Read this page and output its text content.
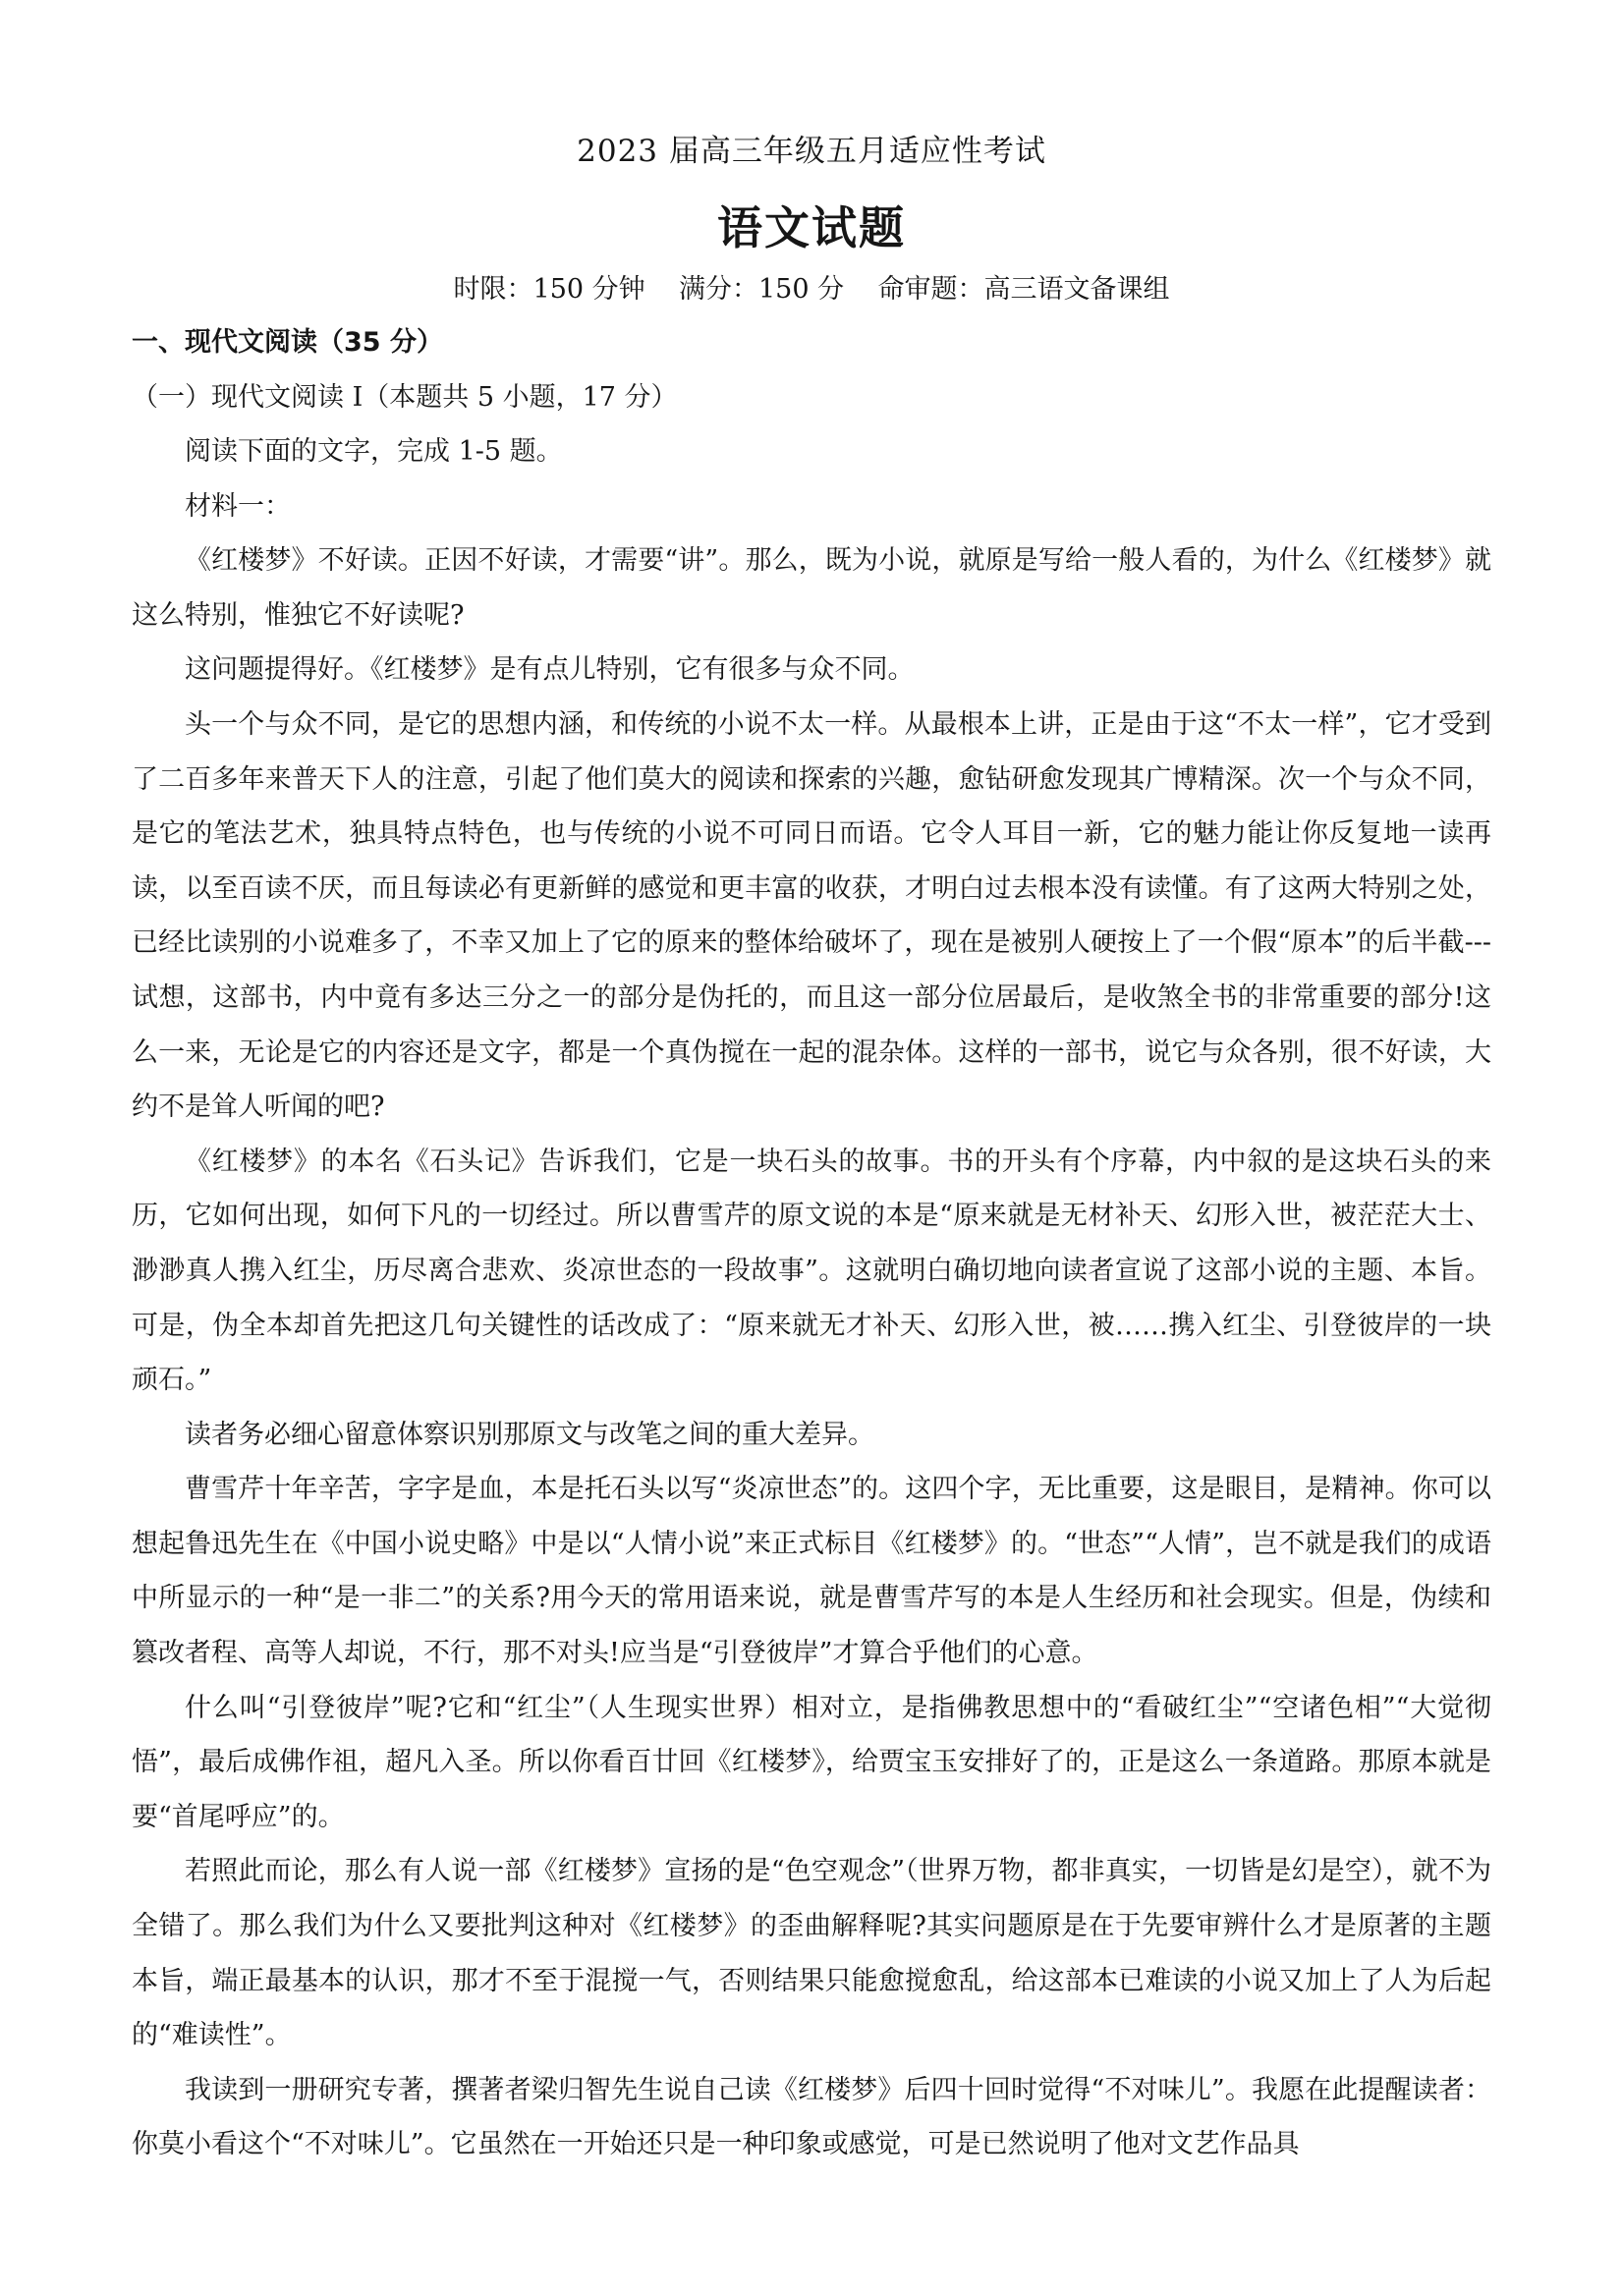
2023 届高三年级五月适应性考试
语文试题
时限：150 分钟    满分：150 分    命审题：高三语文备课组
一、现代文阅读（35 分）
（一）现代文阅读 I（本题共 5 小题，17 分）

阅读下面的文字，完成 1-5 题。

材料一：

《红楼梦》不好读。正因不好读，才需要“讲”。那么，既为小说，就原是写给一般人看的，为什么《红楼梦》就这么特别，惟独它不好读呢?

这问题提得好。《红楼梦》是有点儿特别，它有很多与众不同。

头一个与众不同，是它的思想内涵，和传统的小说不太一样。从最根本上讲，正是由于这“不太一样”，它才受到了二百多年来普天下人的注意，引起了他们莫大的阅读和探索的兴趣，愈钻研愈发现其广博精深。次一个与众不同，是它的笔法艺术，独具特点特色，也与传统的小说不可同日而语。它令人耳目一新，它的魅力能让你反复地一读再读，以至百读不厌，而且每读必有更新鲜的感觉和更丰富的收获，才明白过去根本没有读懂。有了这两大特别之处，已经比读别的小说难多了，不幸又加上了它的原来的整体给破坏了，现在是被别人硬按上了一个假“原本”的后半截---试想，这部书，内中竟有多达三分之一的部分是伪托的，而且这一部分位居最后，是收煞全书的非常重要的部分!这么一来，无论是它的内容还是文字，都是一个真伪搅在一起的混杂体。这样的一部书，说它与众各别，很不好读，大约不是耸人听闻的吧?

《红楼梦》的本名《石头记》告诉我们，它是一块石头的故事。书的开头有个序幕，内中叙的是这块石头的来历，它如何出现，如何下凡的一切经过。所以曹雪芹的原文说的本是“原来就是无材补天、幻形入世，被茫茫大士、渺渺真人携入红尘，历尽离合悲欢、炎凉世态的一段故事”。这就明白确切地向读者宣说了这部小说的主题、本旨。可是，伪全本却首先把这几句关键性的话改成了：“原来就无才补天、幻形入世，被……携入红尘、引登彼岸的一块顽石。”

读者务必细心留意体察识别那原文与改笔之间的重大差异。

曹雪芹十年辛苦，字字是血，本是托石头以写“炎凉世态”的。这四个字，无比重要，这是眼目，是精神。你可以想起鲁迅先生在《中国小说史略》中是以“人情小说”来正式标目《红楼梦》的。“世态”“人情”，岂不就是我们的成语中所显示的一种“是一非二”的关系?用今天的常用语来说，就是曹雪芹写的本是人生经历和社会现实。但是，伪续和篡改者程、高等人却说，不行，那不对头!应当是“引登彼岸”才算合乎他们的心意。

什么叫“引登彼岸”呢?它和“红尘”（人生现实世界）相对立，是指佛教思想中的“看破红尘”“空诸色相”“大觉彻悟”，最后成佛作祖，超凡入圣。所以你看百廿回《红楼梦》，给贾宝玉安排好了的，正是这么一条道路。那原本就是要“首尾呼应”的。

若照此而论，那么有人说一部《红楼梦》宣扬的是“色空观念”（世界万物，都非真实，一切皆是幻是空），就不为全错了。那么我们为什么又要批判这种对《红楼梦》的歪曲解释呢?其实问题原是在于先要审辨什么才是原著的主题本旨，端正最基本的认识，那才不至于混搅一气，否则结果只能愈搅愈乱，给这部本已难读的小说又加上了人为后起的“难读性”。

我读到一册研究专著，撰著者梁归智先生说自己读《红楼梦》后四十回时觉得“不对味儿”。我愿在此提醒读者：你莫小看这个“不对味儿”。它虽然在一开始还只是一种印象或感觉，可是已然说明了他对文艺作品具
